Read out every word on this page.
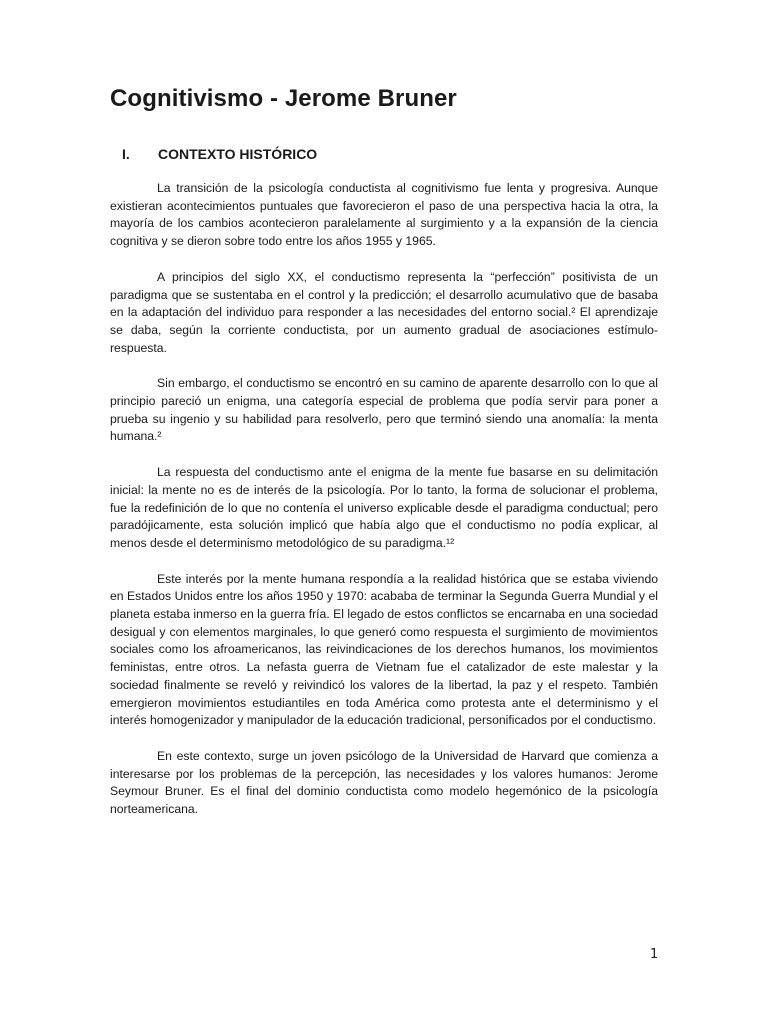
Cognitivismo - Jerome Bruner
I. CONTEXTO HISTÓRICO

La transición de la psicología conductista al cognitivismo fue lenta y progresiva. Aunque existieran acontecimientos puntuales que favorecieron el paso de una perspectiva hacia la otra, la mayoría de los cambios acontecieron paralelamente al surgimiento y a la expansión de la ciencia cognitiva y se dieron sobre todo entre los años 1955 y 1965.

A principios del siglo XX, el conductismo representa la “perfección” positivista de un paradigma que se sustentaba en el control y la predicción; el desarrollo acumulativo que de basaba en la adaptación del individuo para responder a las necesidades del entorno social.² El aprendizaje se daba, según la corriente conductista, por un aumento gradual de asociaciones estímulo-respuesta.

Sin embargo, el conductismo se encontró en su camino de aparente desarrollo con lo que al principio pareció un enigma, una categoría especial de problema que podía servir para poner a prueba su ingenio y su habilidad para resolverlo, pero que terminó siendo una anomalía: la menta humana.²

La respuesta del conductismo ante el enigma de la mente fue basarse en su delimitación inicial: la mente no es de interés de la psicología. Por lo tanto, la forma de solucionar el problema, fue la redefinición de lo que no contenía el universo explicable desde el paradigma conductual; pero paradójicamente, esta solución implicó que había algo que el conductismo no podía explicar, al menos desde el determinismo metodológico de su paradigma.¹²

Este interés por la mente humana respondía a la realidad histórica que se estaba viviendo en Estados Unidos entre los años 1950 y 1970: acababa de terminar la Segunda Guerra Mundial y el planeta estaba inmerso en la guerra fría. El legado de estos conflictos se encarnaba en una sociedad desigual y con elementos marginales, lo que generó como respuesta el surgimiento de movimientos sociales como los afroamericanos, las reivindicaciones de los derechos humanos, los movimientos feministas, entre otros. La nefasta guerra de Vietnam fue el catalizador de este malestar y la sociedad finalmente se reveló y reivindicó los valores de la libertad, la paz y el respeto. También emergieron movimientos estudiantiles en toda América como protesta ante el determinismo y el interés homogenizador y manipulador de la educación tradicional, personificados por el conductismo.

En este contexto, surge un joven psicólogo de la Universidad de Harvard que comienza a interesarse por los problemas de la percepción, las necesidades y los valores humanos: Jerome Seymour Bruner. Es el final del dominio conductista como modelo hegemónico de la psicología norteamericana.

1
